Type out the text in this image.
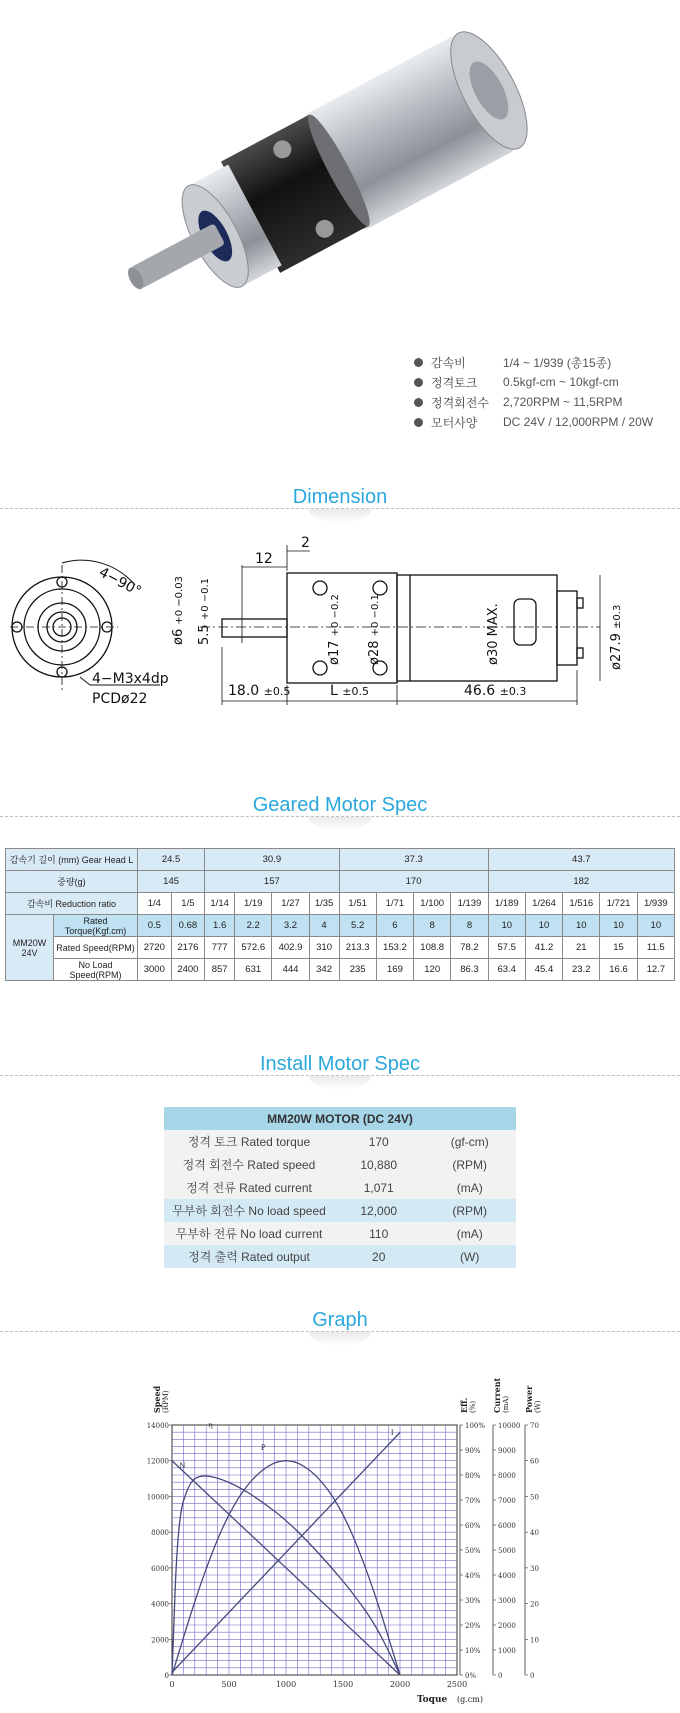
감속비	1/4 ~ 1/939 (총15종)
정격토크	0.5kgf-cm ~ 10kgf-cm
정격회전수	2,720RPM ~ 11,5RPM
모터사양	DC 24V / 12,000RPM / 20W
Dimension
4−90°
4−M3x4dp
PCDø22	18.0 ±0.5	L ±0.5	46.6 ±0.3
12
2
ø6 +0 −0.03
5.5 +0 −0.1
ø17 +0 −0.2
ø28 +0 −0.1	ø30 MAX.	ø27.9 ±0.3
Geared Motor Spec
감속기 길이 (mm) Gear Head L		24.5		30.9				37.3				43.7				
중량(g)		145		157				170				182				
감속비 Reduction ratio		1/4	1/5	1/14	1/19	1/27	1/35	1/51	1/71	1/100	1/139	1/189	1/264	1/516	1/721	1/939
MM20W 24V	Rated Torque(Kgf.cm)	0.5	0.68	1.6	2.2	3.2	4	5.2	6	8	8	10	10	10	10	10
	Rated Speed(RPM)	2720	2176	777	572.6	402.9	310	213.3	153.2	108.8	78.2	57.5	41.2	21	15	11.5
	No Load Speed(RPM)	3000	2400	857	631	444	342	235	169	120	86.3	63.4	45.4	23.2	16.6	12.7
Install Motor Spec
MM20W MOTOR (DC 24V)		
정격 토크 Rated torque	170	(gf-cm)
정격 회전수 Rated speed	10,880	(RPM)
정격 전류 Rated current	1,071	(mA)
무부하 회전수 No load speed	12,000	(RPM)
무부하 전류 No load current	110	(mA)
정격 출력 Rated output	20	(W)
Graph
0	500	1000	1500	2000	2500
Toque (g.cm)
0
2000
4000
6000
8000
10000
12000
14000
Speed (RPM)
0%
10%
20%
30%
40%
50%
60%
70%
80%
90%
100%
Eff. (%)
0
1000
2000
3000
4000
5000
6000
7000
8000
9000
10000
Current (mA)
0
10
20
30
40
50
60
70
Power (W)
N
η
P
I
